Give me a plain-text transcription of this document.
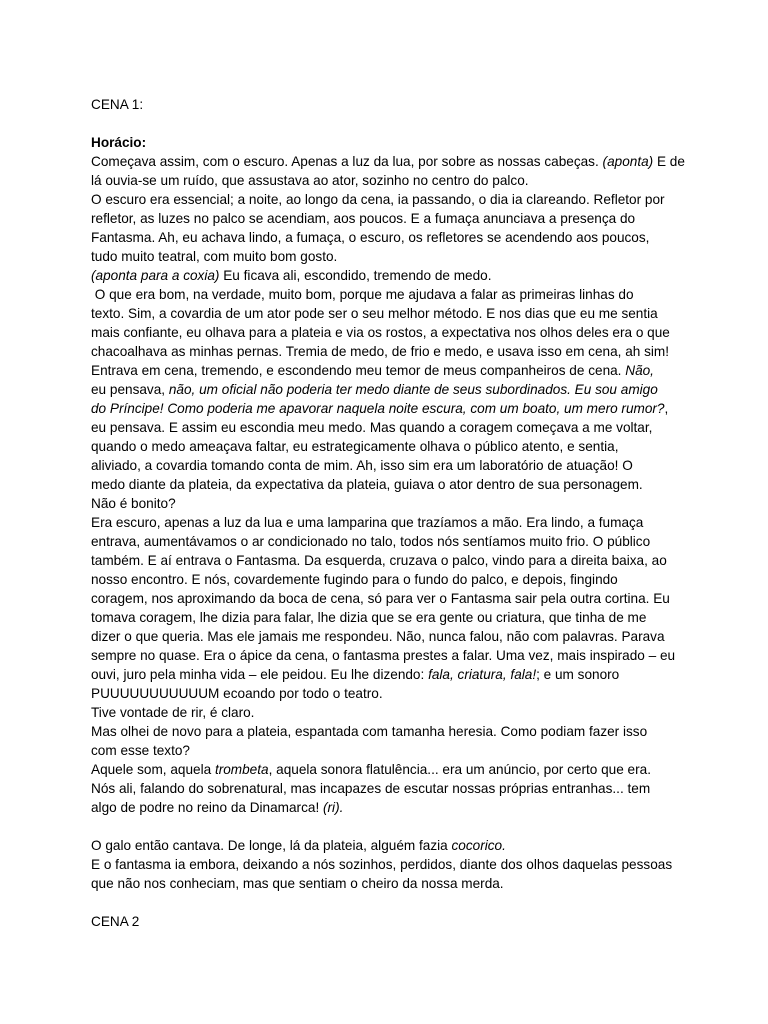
CENA 1:

Horácio:

Começava assim, com o escuro. Apenas a luz da lua, por sobre as nossas cabeças. (aponta) E de

lá ouvia-se um ruído, que assustava ao ator, sozinho no centro do palco.

O escuro era essencial; a noite, ao longo da cena, ia passando, o dia ia clareando. Refletor por

refletor, as luzes no palco se acendiam, aos poucos. E a fumaça anunciava a presença do

Fantasma. Ah, eu achava lindo, a fumaça, o escuro, os refletores se acendendo aos poucos,

tudo muito teatral, com muito bom gosto.

(aponta para a coxia) Eu ficava ali, escondido, tremendo de medo.

O que era bom, na verdade, muito bom, porque me ajudava a falar as primeiras linhas do

texto. Sim, a covardia de um ator pode ser o seu melhor método. E nos dias que eu me sentia

mais confiante, eu olhava para a plateia e via os rostos, a expectativa nos olhos deles era o que

chacoalhava as minhas pernas. Tremia de medo, de frio e medo, e usava isso em cena, ah sim!

Entrava em cena, tremendo, e escondendo meu temor de meus companheiros de cena. Não,

eu pensava, não, um oficial não poderia ter medo diante de seus subordinados. Eu sou amigo

do Príncipe! Como poderia me apavorar naquela noite escura, com um boato, um mero rumor?,

eu pensava. E assim eu escondia meu medo. Mas quando a coragem começava a me voltar,

quando o medo ameaçava faltar, eu estrategicamente olhava o público atento, e sentia,

aliviado, a covardia tomando conta de mim. Ah, isso sim era um laboratório de atuação! O

medo diante da plateia, da expectativa da plateia, guiava o ator dentro de sua personagem.

Não é bonito?

Era escuro, apenas a luz da lua e uma lamparina que trazíamos a mão. Era lindo, a fumaça

entrava, aumentávamos o ar condicionado no talo, todos nós sentíamos muito frio. O público

também. E aí entrava o Fantasma. Da esquerda, cruzava o palco, vindo para a direita baixa, ao

nosso encontro. E nós, covardemente fugindo para o fundo do palco, e depois, fingindo

coragem, nos aproximando da boca de cena, só para ver o Fantasma sair pela outra cortina. Eu

tomava coragem, lhe dizia para falar, lhe dizia que se era gente ou criatura, que tinha de me

dizer o que queria. Mas ele jamais me respondeu. Não, nunca falou, não com palavras. Parava

sempre no quase. Era o ápice da cena, o fantasma prestes a falar. Uma vez, mais inspirado – eu

ouvi, juro pela minha vida – ele peidou. Eu lhe dizendo: fala, criatura, fala!; e um sonoro

PUUUUUUUUUUUM ecoando por todo o teatro.

Tive vontade de rir, é claro.

Mas olhei de novo para a plateia, espantada com tamanha heresia. Como podiam fazer isso

com esse texto?

Aquele som, aquela trombeta, aquela sonora flatulência... era um anúncio, por certo que era.

Nós ali, falando do sobrenatural, mas incapazes de escutar nossas próprias entranhas... tem

algo de podre no reino da Dinamarca! (ri).

O galo então cantava. De longe, lá da plateia, alguém fazia cocorico.

E o fantasma ia embora, deixando a nós sozinhos, perdidos, diante dos olhos daquelas pessoas

que não nos conheciam, mas que sentiam o cheiro da nossa merda.

CENA 2
